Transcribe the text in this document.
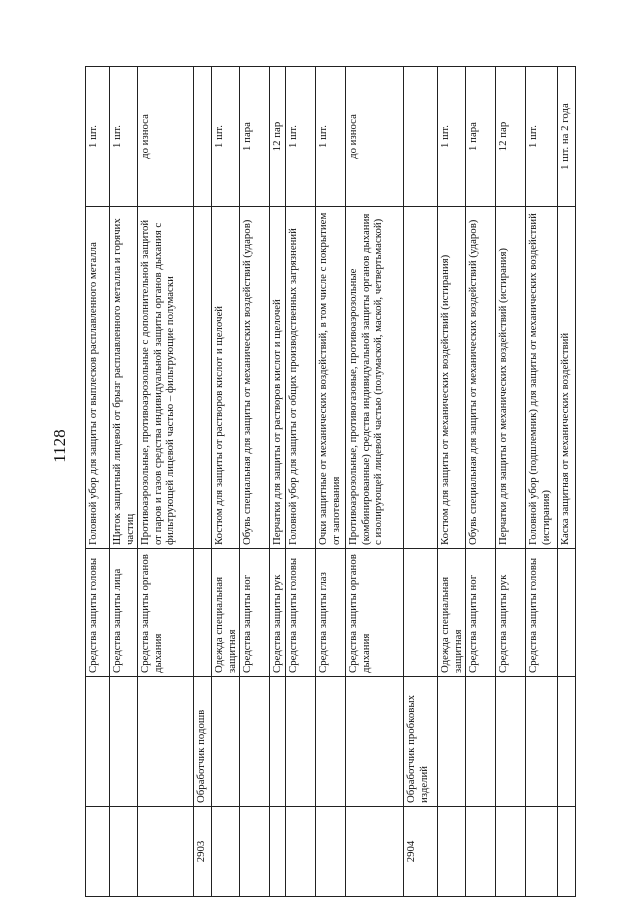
1128
		Средства защиты головы	Головной убор для защиты от выплесков расплавленного металла	1 шт.
		Средства защиты лица	Щиток защитный лицевой от брызг расплавленного металла и горячих частиц	1 шт.
		Средства защиты органов дыхания	Противоаэрозольные, противоаэрозольные с дополнительной защитой от паров и газов средства индивидуальной защиты органов дыхания с фильтрующей лицевой частью – фильтрующие полумаски	до износа
2903	Обработчик подошв			
		Одежда специальная защитная	Костюм для защиты от растворов кислот и щелочей	1 шт.
		Средства защиты ног	Обувь специальная для защиты от механических воздействий (ударов)	1 пара
		Средства защиты рук	Перчатки для защиты от растворов кислот и щелочей	12 пар
		Средства защиты головы	Головной убор для защиты от общих производственных загрязнений	1 шт.
		Средства защиты глаз	Очки защитные от механических воздействий, в том числе с покрытием от запотевания	1 шт.
		Средства защиты органов дыхания	Противоаэрозольные, противогазовые, противоаэрозольные (комбинированные) средства индивидуальной защиты органов дыхания с изолирующей лицевой частью (полумаской, маской, четвертьмаской)	до износа
2904	Обработчик пробковых изделий			
		Одежда специальная защитная	Костюм для защиты от механических воздействий (истирания)	1 шт.
		Средства защиты ног	Обувь специальная для защиты от механических воздействий (ударов)	1 пара
		Средства защиты рук	Перчатки для защиты от механических воздействий (истирания)	12 пар
		Средства защиты головы	Головной убор (подшлемник) для защиты от механических воздействий (истирания)	1 шт.
			Каска защитная от механических воздействий	1 шт. на 2 года
